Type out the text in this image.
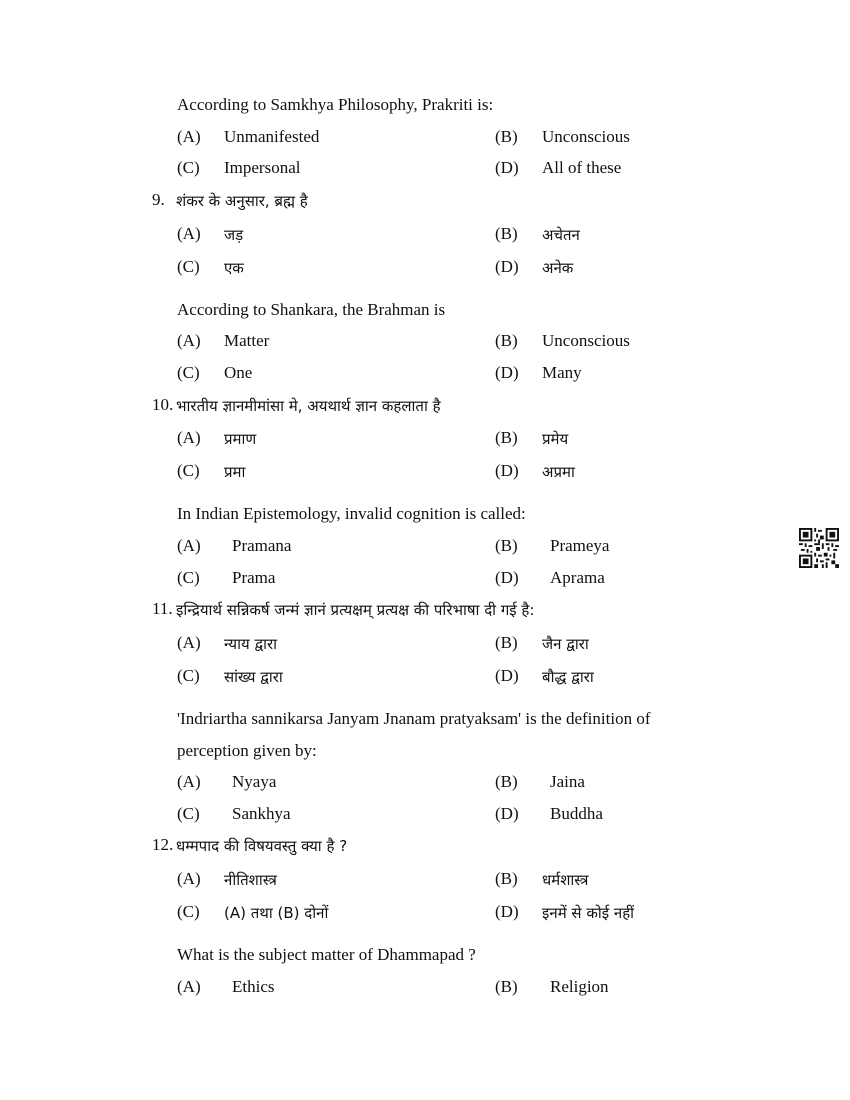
According to Samkhya Philosophy, Prakriti is:
(A) Unmanifested	(B) Unconscious
(C) Impersonal	(D) All of these
9. शंकर के अनुसार, ब्रह्म है
(A) जड़	(B) अचेतन
(C) एक	(D) अनेक
According to Shankara, the Brahman is
(A) Matter	(B) Unconscious
(C) One	(D) Many
10. भारतीय ज्ञानमीमांसा मे, अयथार्थ ज्ञान कहलाता है
(A) प्रमाण	(B) प्रमेय
(C) प्रमा	(D) अप्रमा
In Indian Epistemology, invalid cognition is called:
(A) Pramana	(B) Prameya
(C) Prama	(D) Aprama
11. इन्द्रियार्थ सन्निकर्ष जन्मं ज्ञानं प्रत्यक्षम् प्रत्यक्ष की परिभाषा दी गई है:
(A) न्याय द्वारा	(B) जैन द्वारा
(C) सांख्य द्वारा	(D) बौद्ध द्वारा
'Indriartha sannikarsa Janyam Jnanam pratyaksam' is the definition of
perception given by:
(A) Nyaya	(B) Jaina
(C) Sankhya	(D) Buddha
12. धम्मपाद की विषयवस्तु क्या है ?
(A) नीतिशास्त्र	(B) धर्मशास्त्र
(C) (A) तथा (B) दोनों	(D) इनमें से कोई नहीं
What is the subject matter of Dhammapad ?
(A) Ethics	(B) Religion
